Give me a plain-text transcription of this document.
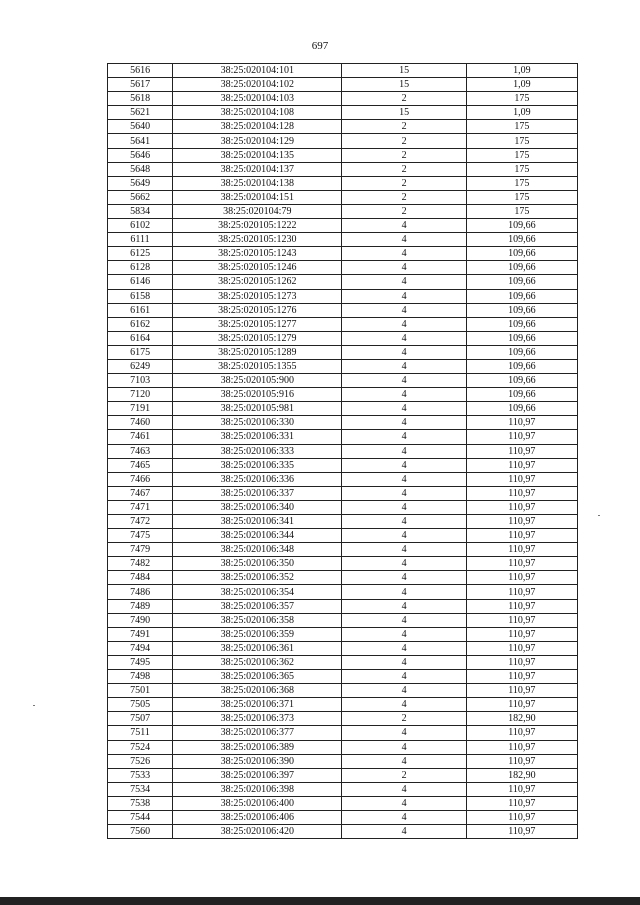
697
5616	38:25:020104:101	15	1,09
5617	38:25:020104:102	15	1,09
5618	38:25:020104:103	2	175
5621	38:25:020104:108	15	1,09
5640	38:25:020104:128	2	175
5641	38:25:020104:129	2	175
5646	38:25:020104:135	2	175
5648	38:25:020104:137	2	175
5649	38:25:020104:138	2	175
5662	38:25:020104:151	2	175
5834	38:25:020104:79	2	175
6102	38:25:020105:1222	4	109,66
6111	38:25:020105:1230	4	109,66
6125	38:25:020105:1243	4	109,66
6128	38:25:020105:1246	4	109,66
6146	38:25:020105:1262	4	109,66
6158	38:25:020105:1273	4	109,66
6161	38:25:020105:1276	4	109,66
6162	38:25:020105:1277	4	109,66
6164	38:25:020105:1279	4	109,66
6175	38:25:020105:1289	4	109,66
6249	38:25:020105:1355	4	109,66
7103	38:25:020105:900	4	109,66
7120	38:25:020105:916	4	109,66
7191	38:25:020105:981	4	109,66
7460	38:25:020106:330	4	110,97
7461	38:25:020106:331	4	110,97
7463	38:25:020106:333	4	110,97
7465	38:25:020106:335	4	110,97
7466	38:25:020106:336	4	110,97
7467	38:25:020106:337	4	110,97
7471	38:25:020106:340	4	110,97
7472	38:25:020106:341	4	110,97
7475	38:25:020106:344	4	110,97
7479	38:25:020106:348	4	110,97
7482	38:25:020106:350	4	110,97
7484	38:25:020106:352	4	110,97
7486	38:25:020106:354	4	110,97
7489	38:25:020106:357	4	110,97
7490	38:25:020106:358	4	110,97
7491	38:25:020106:359	4	110,97
7494	38:25:020106:361	4	110,97
7495	38:25:020106:362	4	110,97
7498	38:25:020106:365	4	110,97
7501	38:25:020106:368	4	110,97
7505	38:25:020106:371	4	110,97
7507	38:25:020106:373	2	182,90
7511	38:25:020106:377	4	110,97
7524	38:25:020106:389	4	110,97
7526	38:25:020106:390	4	110,97
7533	38:25:020106:397	2	182,90
7534	38:25:020106:398	4	110,97
7538	38:25:020106:400	4	110,97
7544	38:25:020106:406	4	110,97
7560	38:25:020106:420	4	110,97
